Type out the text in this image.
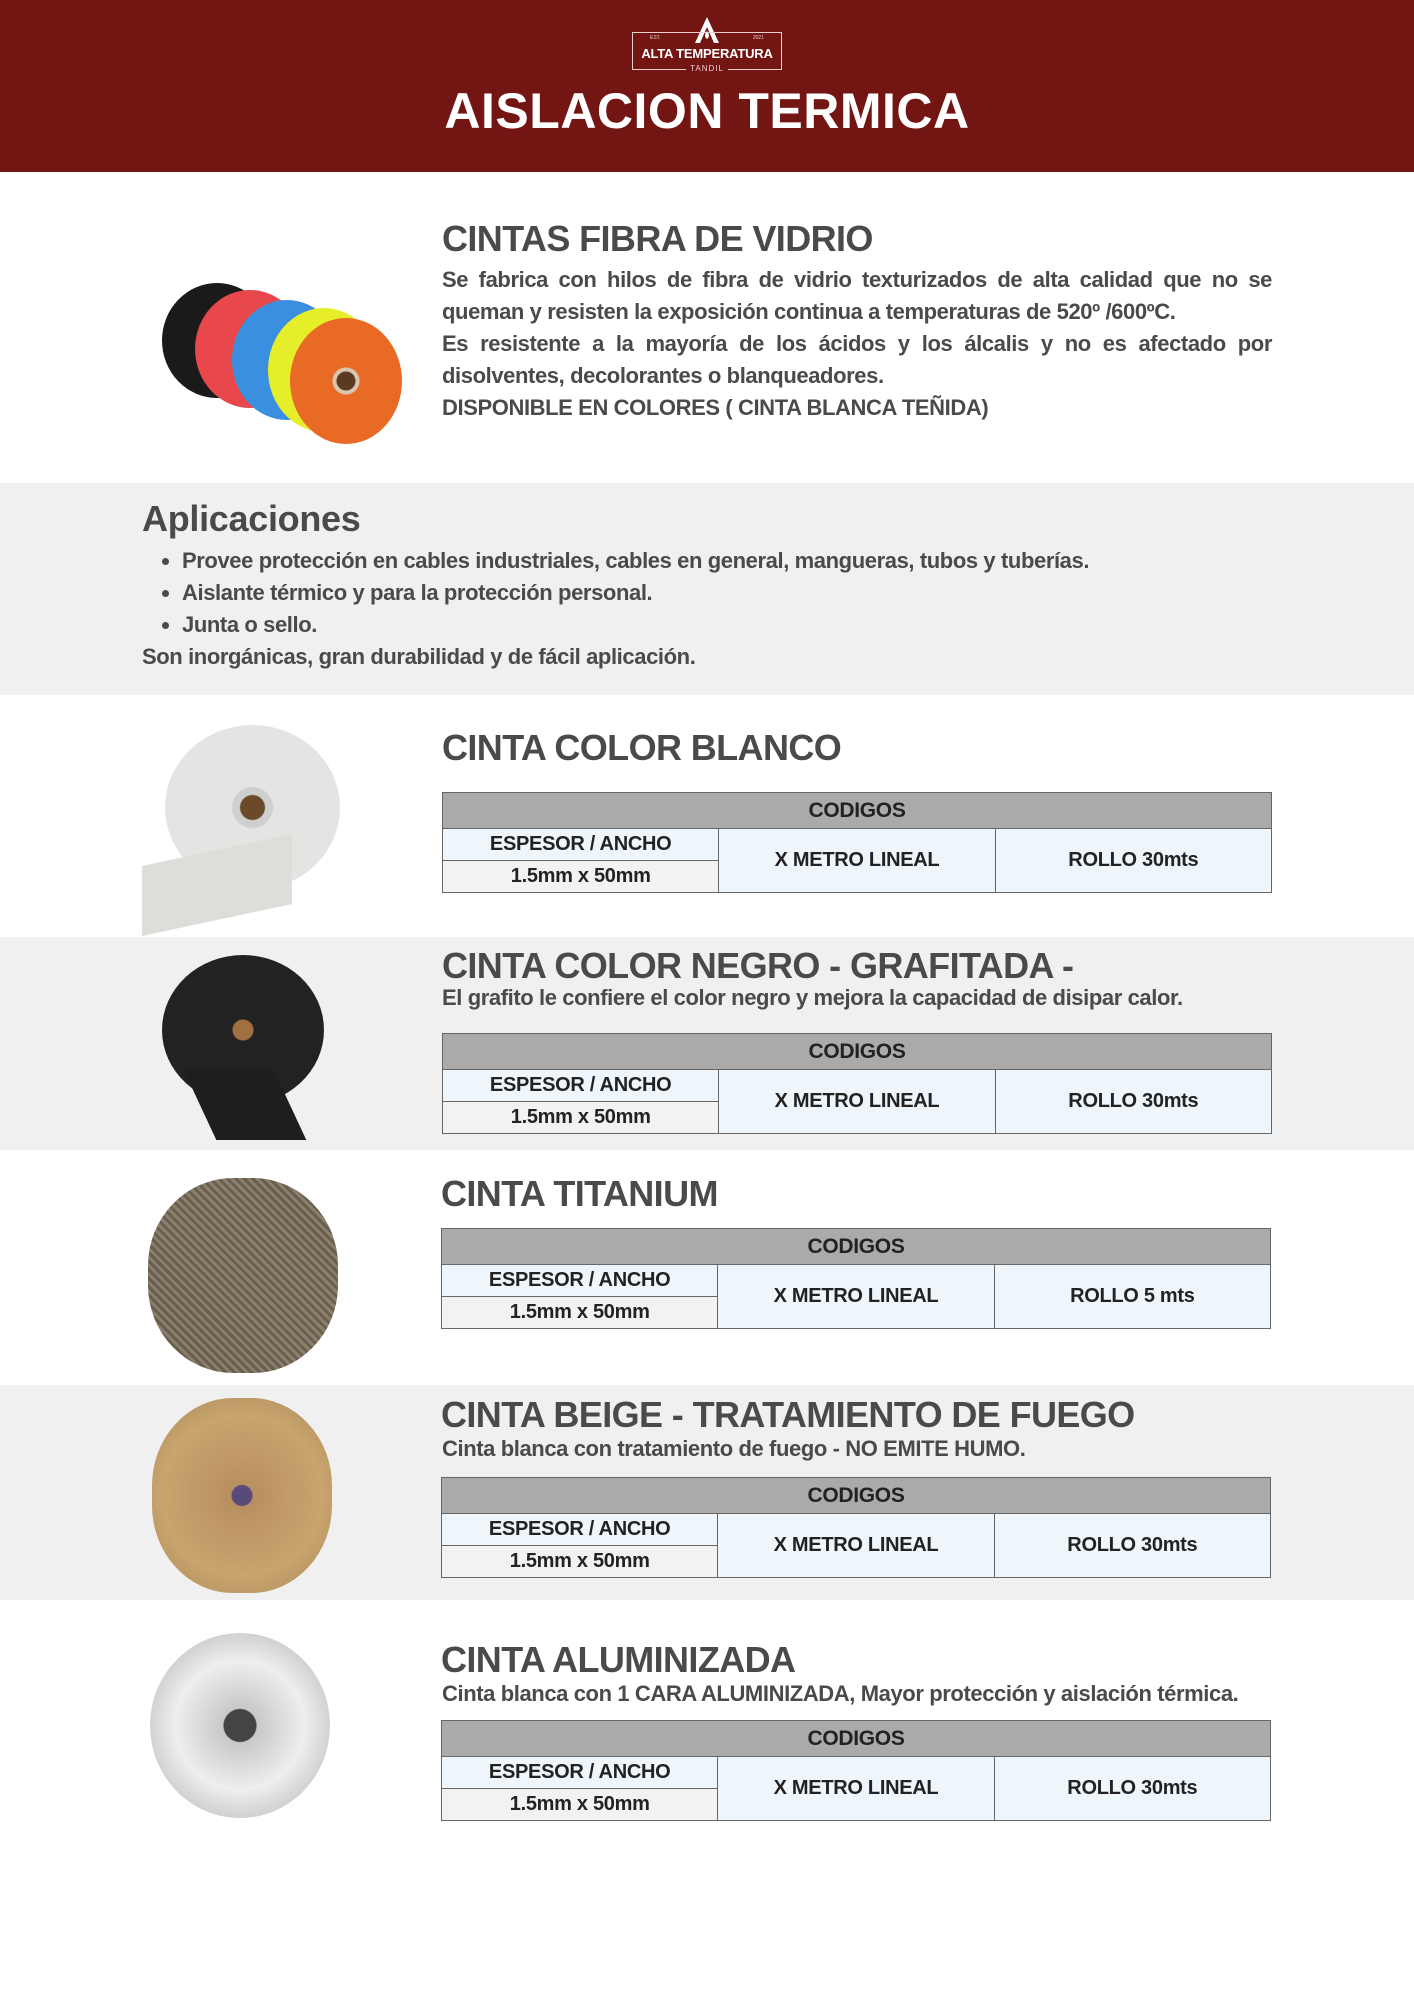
EST.	2021
ALTA TEMPERATURA
TANDIL
AISLACION TERMICA
CINTAS FIBRA DE VIDRIO
Se fabrica con hilos de fibra de vidrio texturizados de alta calidad que no se queman y resisten la exposición continua a temperaturas de 520º /600ºC.
Es resistente a la mayoría de los ácidos y los álcalis y no es afectado por disolventes, decolorantes o blanqueadores.
DISPONIBLE EN COLORES ( CINTA BLANCA TEÑIDA)
Aplicaciones
• Provee protección en cables industriales, cables en general, mangueras, tubos y tuberías.
• Aislante térmico y para la protección personal.
• Junta o sello.
Son inorgánicas, gran durabilidad y de fácil aplicación.
CINTA COLOR BLANCO
CODIGOS
ESPESOR / ANCHO	X METRO LINEAL	ROLLO 30mts
1.5mm x 50mm
CINTA COLOR NEGRO - GRAFITADA -
El grafito le confiere el color negro y mejora la capacidad de disipar calor.
CODIGOS
ESPESOR / ANCHO	X METRO LINEAL	ROLLO 30mts
1.5mm x 50mm
CINTA TITANIUM
CODIGOS
ESPESOR / ANCHO	X METRO LINEAL	ROLLO 5 mts
1.5mm x 50mm
CINTA BEIGE - TRATAMIENTO DE FUEGO
Cinta blanca con tratamiento de fuego - NO EMITE HUMO.
CODIGOS
ESPESOR / ANCHO	X METRO LINEAL	ROLLO 30mts
1.5mm x 50mm
CINTA ALUMINIZADA
Cinta blanca con 1 CARA ALUMINIZADA, Mayor protección y aislación térmica.
CODIGOS
ESPESOR / ANCHO	X METRO LINEAL	ROLLO 30mts
1.5mm x 50mm
